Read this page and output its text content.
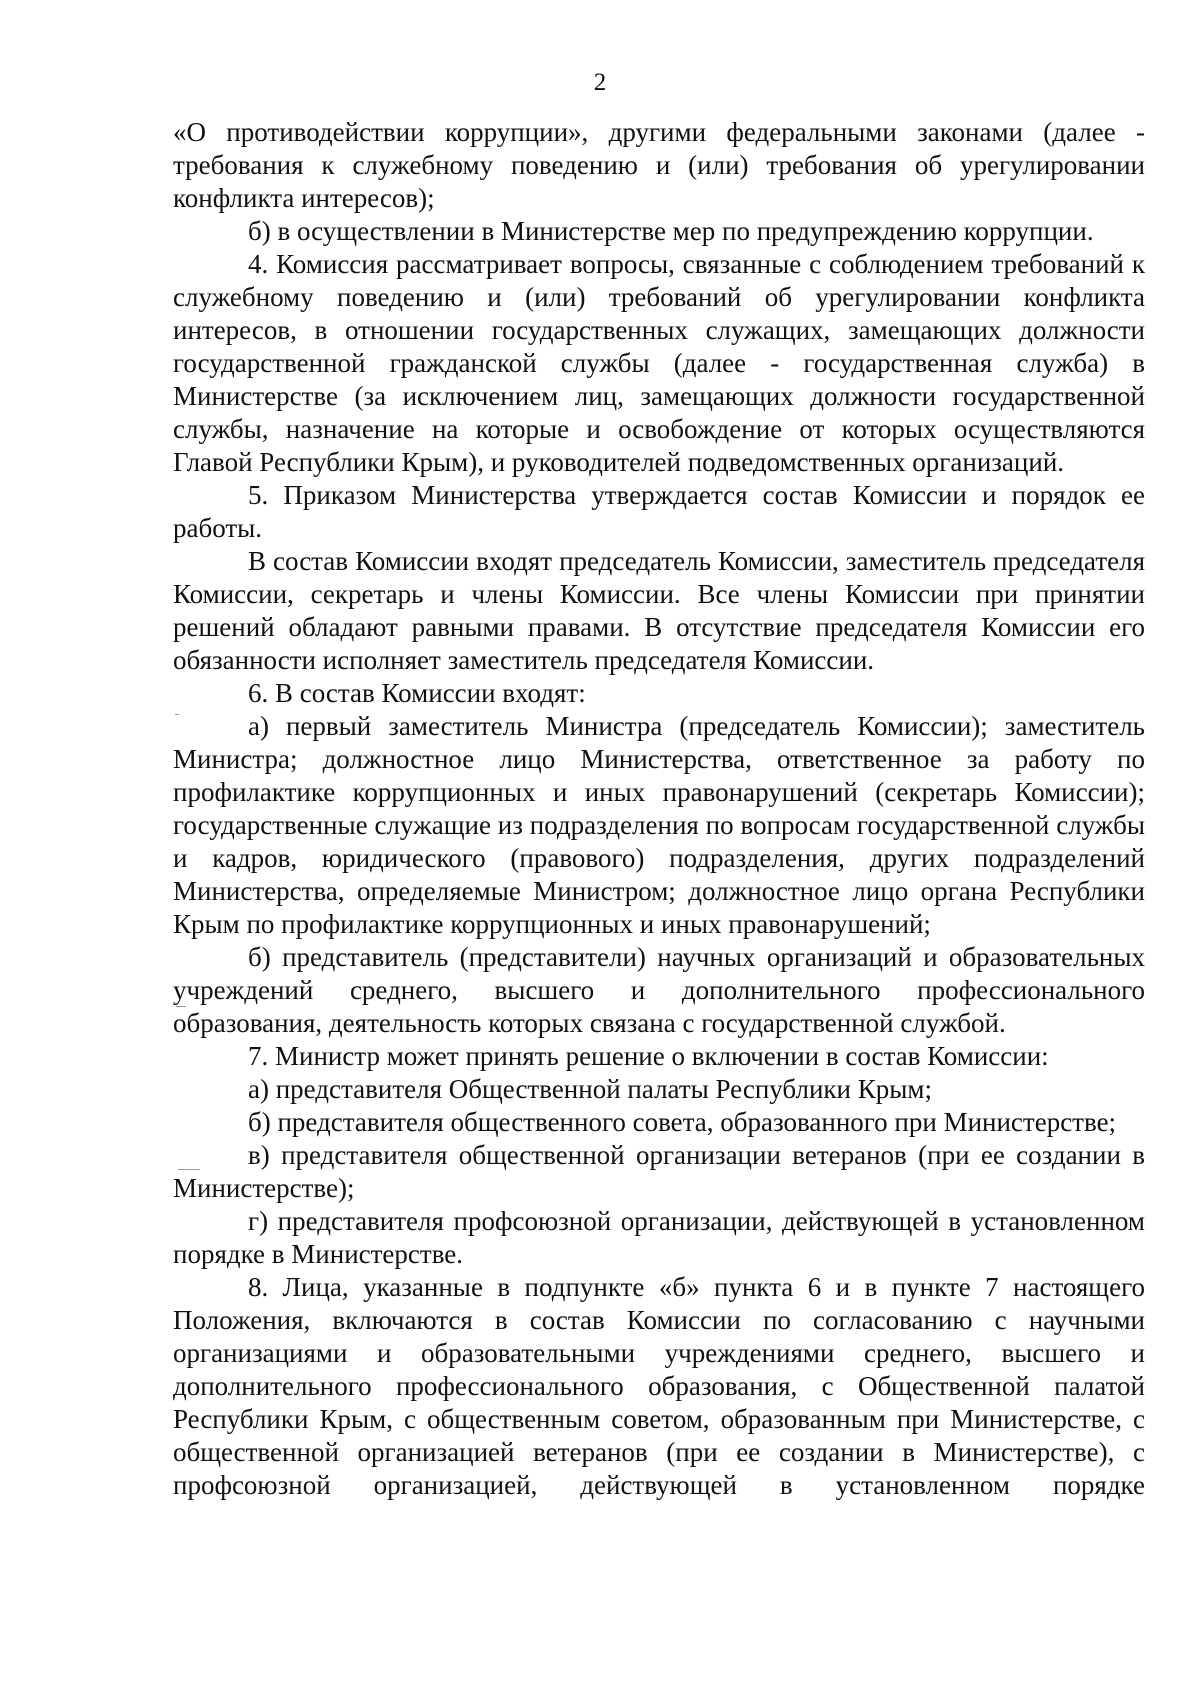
2

«О противодействии коррупции», другими федеральными законами (далее - требования к служебному поведению и (или) требования об урегулировании конфликта интересов);

б) в осуществлении в Министерстве мер по предупреждению коррупции.

4. Комиссия рассматривает вопросы, связанные с соблюдением требований к служебному поведению и (или) требований об урегулировании конфликта интересов, в отношении государственных служащих, замещающих должности государственной гражданской службы (далее - государственная служба) в Министерстве (за исключением лиц, замещающих должности государственной службы, назначение на которые и освобождение от которых осуществляются Главой Республики Крым), и руководителей подведомственных организаций.

5. Приказом Министерства утверждается состав Комиссии и порядок ее работы.

В состав Комиссии входят председатель Комиссии, заместитель председателя Комиссии, секретарь и члены Комиссии. Все члены Комиссии при принятии решений обладают равными правами. В отсутствие председателя Комиссии его обязанности исполняет заместитель председателя Комиссии.

6. В состав Комиссии входят:

а) первый заместитель Министра (председатель Комиссии); заместитель Министра; должностное лицо Министерства, ответственное за работу по профилактике коррупционных и иных правонарушений (секретарь Комиссии); государственные служащие из подразделения по вопросам государственной службы и кадров, юридического (правового) подразделения, других подразделений Министерства, определяемые Министром; должностное лицо органа Республики Крым по профилактике коррупционных и иных правонарушений;

б) представитель (представители) научных организаций и образовательных учреждений среднего, высшего и дополнительного профессионального образования, деятельность которых связана с государственной службой.

7. Министр может принять решение о включении в состав Комиссии:

а) представителя Общественной палаты Республики Крым;

б) представителя общественного совета, образованного при Министерстве;

в) представителя общественной организации ветеранов (при ее создании в Министерстве);

г) представителя профсоюзной организации, действующей в установленном порядке в Министерстве.

8. Лица, указанные в подпункте «б» пункта 6 и в пункте 7 настоящего Положения, включаются в состав Комиссии по согласованию с научными организациями и образовательными учреждениями среднего, высшего и дополнительного профессионального образования, с Общественной палатой Республики Крым, с общественным советом, образованным при Министерстве, с общественной организацией ветеранов (при ее создании в Министерстве), с профсоюзной организацией, действующей в установленном порядке
